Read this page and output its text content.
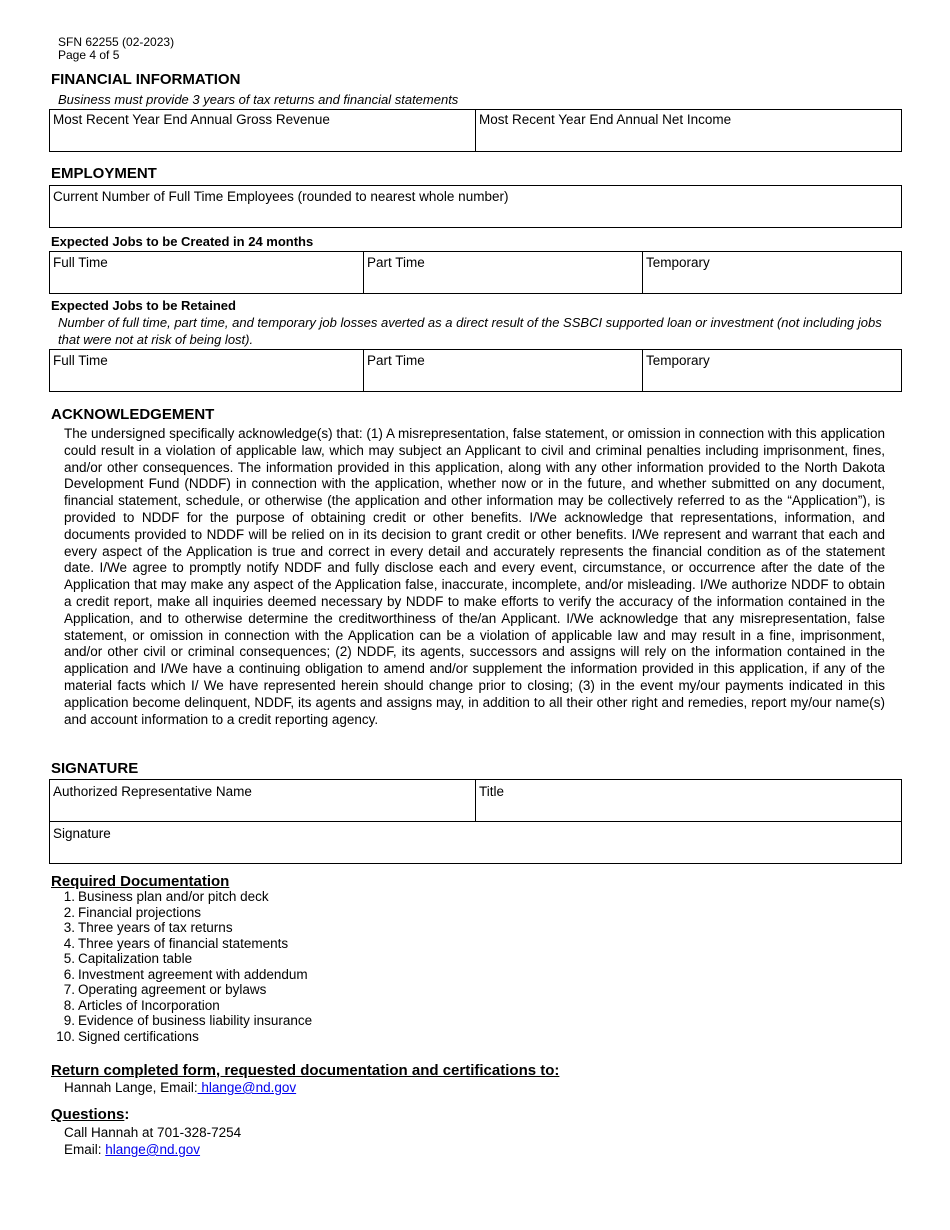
SFN 62255 (02-2023)
Page 4 of 5
FINANCIAL INFORMATION
Business must provide 3 years of tax returns and financial statements
Most Recent Year End Annual Gross Revenue	Most Recent Year End Annual Net Income
EMPLOYMENT
Current Number of Full Time Employees (rounded to nearest whole number)
Expected Jobs to be Created in 24 months
Full Time	Part Time	Temporary
Expected Jobs to be Retained
Number of full time, part time, and temporary job losses averted as a direct result of the SSBCI supported loan or investment (not including jobs that were not at risk of being lost).
Full Time	Part Time	Temporary
ACKNOWLEDGEMENT
The undersigned specifically acknowledge(s) that: (1) A misrepresentation, false statement, or omission in connection with this application could result in a violation of applicable law, which may subject an Applicant to civil and criminal penalties including imprisonment, fines, and/or other consequences. The information provided in this application, along with any other information provided to the North Dakota Development Fund (NDDF) in connection with the application, whether now or in the future, and whether submitted on any document, financial statement, schedule, or otherwise (the application and other information may be collectively referred to as the “Application”), is provided to NDDF for the purpose of obtaining credit or other benefits. I/We acknowledge that representations, information, and documents provided to NDDF will be relied on in its decision to grant credit or other benefits. I/We represent and warrant that each and every aspect of the Application is true and correct in every detail and accurately represents the financial condition as of the statement date. I/We agree to promptly notify NDDF and fully disclose each and every event, circumstance, or occurrence after the date of the Application that may make any aspect of the Application false, inaccurate, incomplete, and/or misleading. I/We authorize NDDF to obtain a credit report, make all inquiries deemed necessary by NDDF to make efforts to verify the accuracy of the information contained in the Application, and to otherwise determine the creditworthiness of the/an Applicant. I/We acknowledge that any misrepresentation, false statement, or omission in connection with the Application can be a violation of applicable law and may result in a fine, imprisonment, and/or other civil or criminal consequences; (2) NDDF, its agents, successors and assigns will rely on the information contained in the application and I/We have a continuing obligation to amend and/or supplement the information provided in this application, if any of the material facts which I/ We have represented herein should change prior to closing; (3) in the event my/our payments indicated in this application become delinquent, NDDF, its agents and assigns may, in addition to all their other right and remedies, report my/our name(s) and account information to a credit reporting agency.
SIGNATURE
Authorized Representative Name	Title
Signature
Required Documentation
1. Business plan and/or pitch deck
2. Financial projections
3. Three years of tax returns
4. Three years of financial statements
5. Capitalization table
6. Investment agreement with addendum
7. Operating agreement or bylaws
8. Articles of Incorporation
9. Evidence of business liability insurance
10. Signed certifications
Return completed form, requested documentation and certifications to:
Hannah Lange, Email: hlange@nd.gov
Questions:
Call Hannah at 701-328-7254
Email: hlange@nd.gov
